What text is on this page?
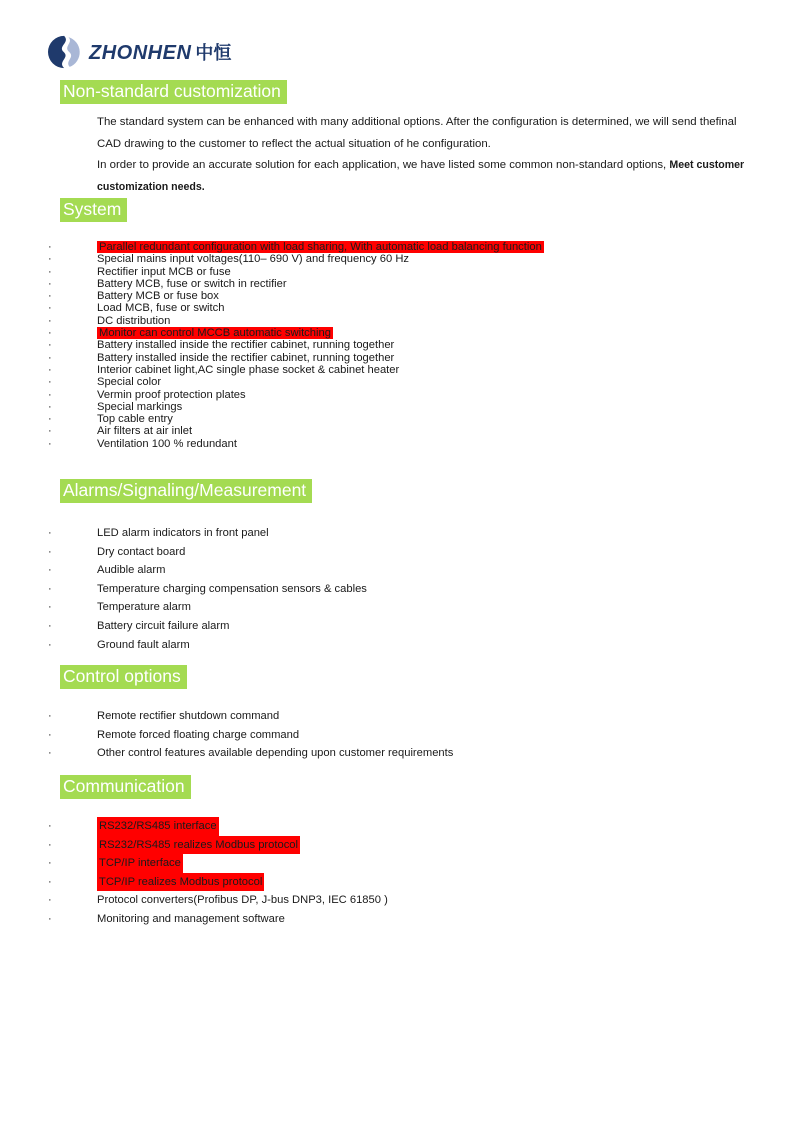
ZHONHEN 中恒
Non-standard customization

The standard system can be enhanced with many additional options. After the configuration is determined, we will send thefinal CAD drawing to the customer to reflect the actual situation of he configuration.

In order to provide an accurate solution for each application, we have listed some common non-standard options, Meet customer customization needs.

System
·	Parallel redundant configuration with load sharing, With automatic load balancing function
·	Special mains input voltages(110– 690 V) and frequency 60 Hz
·	Rectifier input MCB or fuse
·	Battery MCB, fuse or switch in rectifier
·	Battery MCB or fuse box
·	Load MCB, fuse or switch
·	DC distribution
·	Monitor can control MCCB automatic switching
·	Battery installed inside the rectifier cabinet, running together
·	Battery installed inside the rectifier cabinet, running together
·	Interior cabinet light,AC single phase socket & cabinet heater
·	Special color
·	Vermin proof protection plates
·	Special markings
·	Top cable entry
·	Air filters at air inlet
·	Ventilation 100 % redundant
Alarms/Signaling/Measurement
·	LED alarm indicators in front panel
·	Dry contact board
·	Audible alarm
·	Temperature charging compensation sensors & cables
·	Temperature alarm
·	Battery circuit failure alarm
·	Ground fault alarm
Control options
·	Remote rectifier shutdown command
·	Remote forced floating charge command
·	Other control features available depending upon customer requirements
Communication
·	RS232/RS485 interface
·	RS232/RS485 realizes Modbus protocol
·	TCP/IP interface
·	TCP/IP realizes Modbus protocol
·	Protocol converters(Profibus DP, J-bus DNP3, IEC 61850 )
·	Monitoring and management software
